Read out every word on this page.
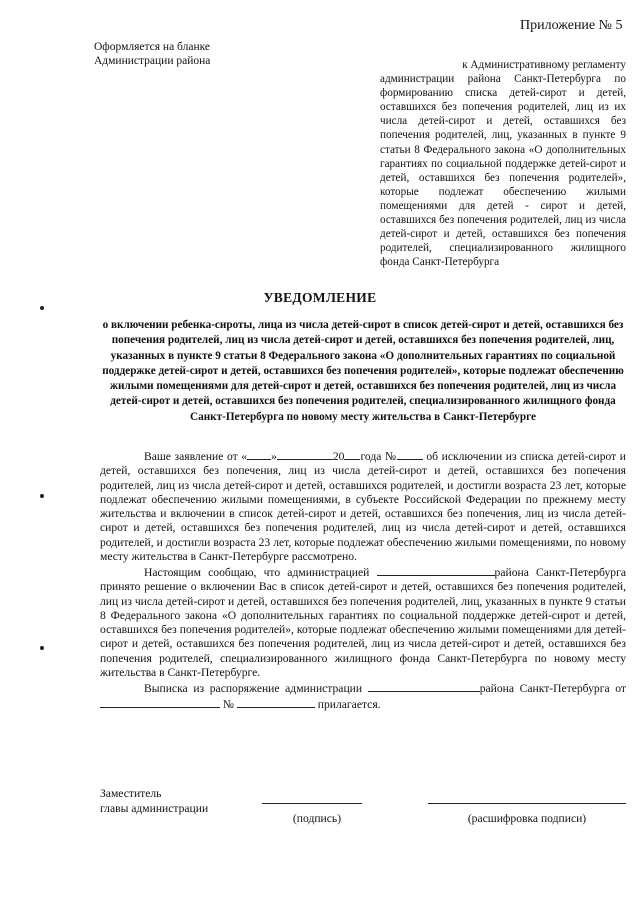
Приложение № 5
Оформляется на бланке
Администрации района	к Административному регламенту
администрации района Санкт-Петербурга по формированию списка детей-сирот и детей, оставшихся без попечения родителей, лиц из их числа детей-сирот и детей, оставшихся без попечения родителей, лиц, указанных в пункте 9 статьи 8 Федерального закона «О дополнительных гарантиях по социальной поддержке детей-сирот и детей, оставшихся без попечения родителей», которые подлежат обеспечению жилыми помещениями для детей - сирот и детей, оставшихся без попечения родителей, лиц из числа детей-сирот и детей, оставшихся без попечения родителей, специализированного жилищного фонда Санкт-Петербурга
УВЕДОМЛЕНИЕ
о включении ребенка-сироты, лица из числа детей-сирот в список детей-сирот и детей, оставшихся без попечения родителей, лиц из числа детей-сирот и детей, оставшихся без попечения родителей, лиц, указанных в пункте 9 статьи 8 Федерального закона «О дополнительных гарантиях по социальной поддержке детей-сирот и детей, оставшихся без попечения родителей», которые подлежат обеспечению жилыми помещениями для детей-сирот и детей, оставшихся без попечения родителей, лиц из числа детей-сирот и детей, оставшихся без попечения родителей, специализированного жилищного фонда Санкт-Петербурга по новому месту жительства в Санкт-Петербурге

Ваше заявление от « »	20 года №	об исключении из списка детей-сирот и детей, оставшихся без попечения, лиц из числа детей-сирот и детей, оставшихся без попечения родителей, лиц из числа детей-сирот и детей, оставшихся родителей, и достигли возраста 23 лет, которые подлежат обеспечению жилыми помещениями, в субъекте Российской Федерации по прежнему месту жительства и включении в список детей-сирот и детей, оставшихся без попечения, лиц из числа детей-сирот и детей, оставшихся без попечения родителей, лиц из числа детей-сирот и детей, оставшихся родителей, и достигли возраста 23 лет, которые подлежат обеспечению жилыми помещениями, по новому месту жительства в Санкт-Петербурге рассмотрено.

Настоящим сообщаю, что администрацией	района Санкт-Петербурга принято решение о включении Вас в список детей-сирот и детей, оставшихся без попечения родителей, лиц из числа детей-сирот и детей, оставшихся без попечения родителей, лиц, указанных в пункте 9 статьи 8 Федерального закона «О дополнительных гарантиях по социальной поддержке детей-сирот и детей, оставшихся без попечения родителей», которые подлежат обеспечению жилыми помещениями для детей-сирот и детей, оставшихся без попечения родителей, лиц из числа детей-сирот и детей, оставшихся без попечения родителей, специализированного жилищного фонда Санкт-Петербурга по новому месту жительства в Санкт-Петербурге.

Выписка из распоряжение администрации	района Санкт-Петербурга от  №	прилагается.

Заместитель
главы администрации
(подпись)	(расшифровка подписи)
